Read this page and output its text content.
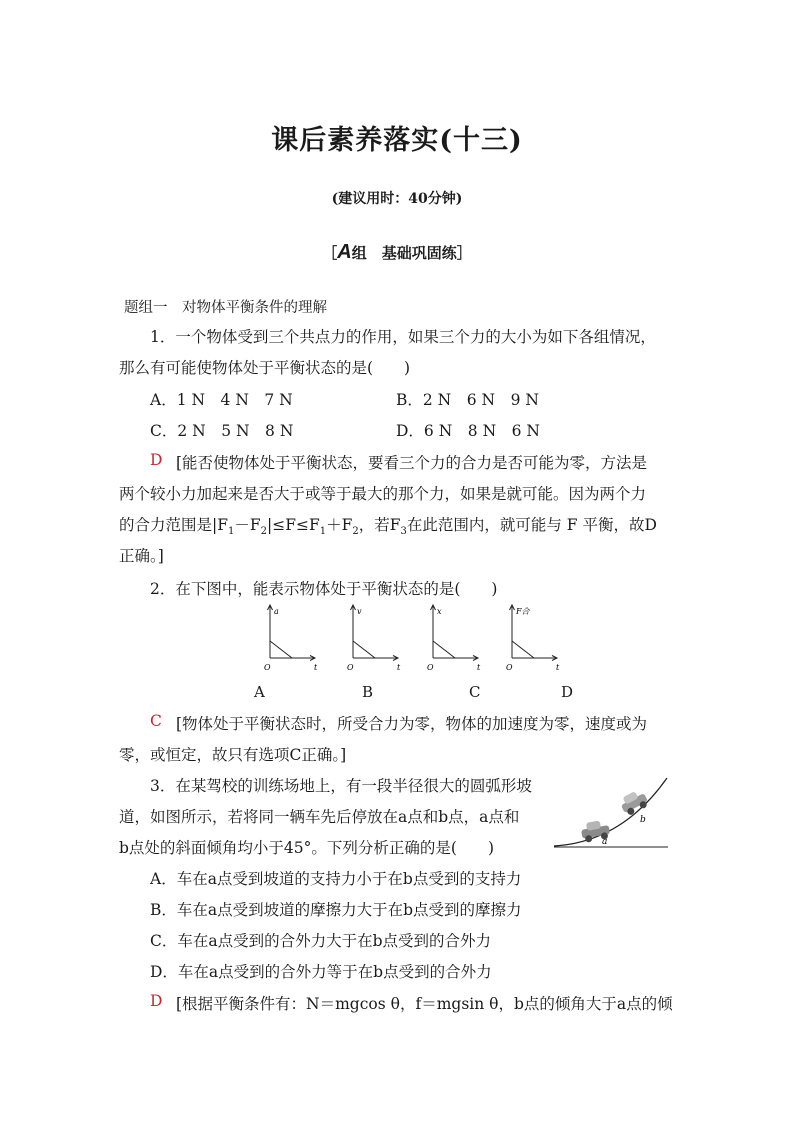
课后素养落实(十三)
(建议用时：40分钟)
［A组　基础巩固练］
题组一　对物体平衡条件的理解
1．一个物体受到三个共点力的作用，如果三个力的大小为如下各组情况，
那么有可能使物体处于平衡状态的是(　　)
A．1 N　4 N　7 N	B．2 N　6 N　9 N
C．2 N　5 N　8 N	D．6 N　8 N　6 N
D [能否使物体处于平衡状态，要看三个力的合力是否可能为零，方法是
两个较小力加起来是否大于或等于最大的那个力，如果是就可能。因为两个力
的合力范围是$|F_1-F_2|\le F\le F_1+F_2$，若$F_3$在此范围内，就可能与 F 平衡，故D
正确。]
2．在下图中，能表示物体处于平衡状态的是(　　)
a
t
O
v
t
O
x
t
O
F合
t
O
A	B	C	D
C [物体处于平衡状态时，所受合力为零，物体的加速度为零，速度或为
零，或恒定，故只有选项C正确。]
3．在某驾校的训练场地上，有一段半径很大的圆弧形坡
道，如图所示，若将同一辆车先后停放在a点和b点，a点和
b点处的斜面倾角均小于45°。下列分析正确的是(　　)	a
b
A．车在a点受到坡道的支持力小于在b点受到的支持力
B．车在a点受到坡道的摩擦力大于在b点受到的摩擦力
C．车在a点受到的合外力大于在b点受到的合外力
D．车在a点受到的合外力等于在b点受到的合外力
D [根据平衡条件有：N＝mgcos θ，f＝mgsin θ，b点的倾角大于a点的倾
